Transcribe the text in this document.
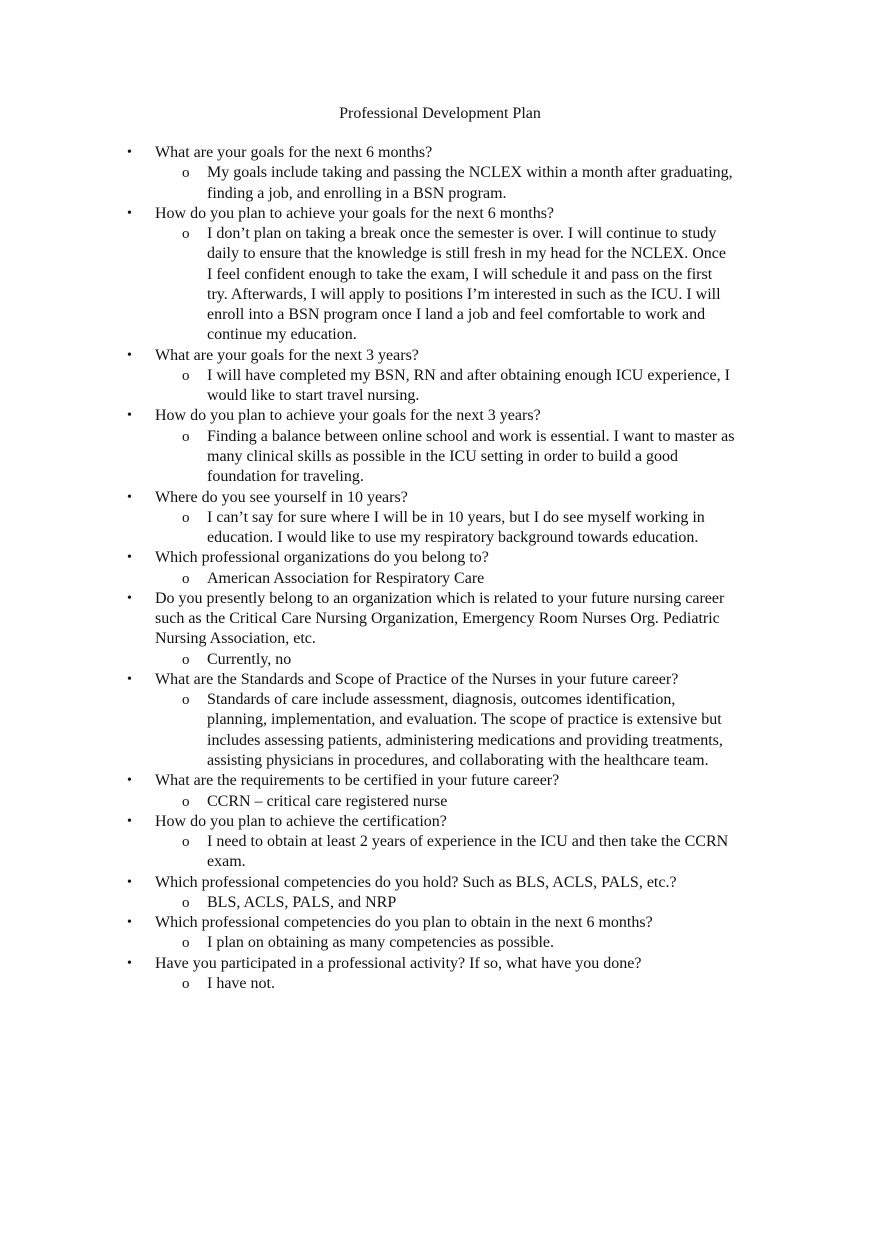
Professional Development Plan
• What are your goals for the next 6 months?
o My goals include taking and passing the NCLEX within a month after graduating,
finding a job, and enrolling in a BSN program.
• How do you plan to achieve your goals for the next 6 months?
o I don’t plan on taking a break once the semester is over. I will continue to study
daily to ensure that the knowledge is still fresh in my head for the NCLEX. Once
I feel confident enough to take the exam, I will schedule it and pass on the first
try. Afterwards, I will apply to positions I’m interested in such as the ICU. I will
enroll into a BSN program once I land a job and feel comfortable to work and
continue my education.
• What are your goals for the next 3 years?
o I will have completed my BSN, RN and after obtaining enough ICU experience, I
would like to start travel nursing.
• How do you plan to achieve your goals for the next 3 years?
o Finding a balance between online school and work is essential. I want to master as
many clinical skills as possible in the ICU setting in order to build a good
foundation for traveling.
• Where do you see yourself in 10 years?
o I can’t say for sure where I will be in 10 years, but I do see myself working in
education. I would like to use my respiratory background towards education.
• Which professional organizations do you belong to?
o American Association for Respiratory Care
• Do you presently belong to an organization which is related to your future nursing career
such as the Critical Care Nursing Organization, Emergency Room Nurses Org. Pediatric
Nursing Association, etc.
o Currently, no
• What are the Standards and Scope of Practice of the Nurses in your future career?
o Standards of care include assessment, diagnosis, outcomes identification,
planning, implementation, and evaluation. The scope of practice is extensive but
includes assessing patients, administering medications and providing treatments,
assisting physicians in procedures, and collaborating with the healthcare team.
• What are the requirements to be certified in your future career?
o CCRN – critical care registered nurse
• How do you plan to achieve the certification?
o I need to obtain at least 2 years of experience in the ICU and then take the CCRN
exam.
• Which professional competencies do you hold? Such as BLS, ACLS, PALS, etc.?
o BLS, ACLS, PALS, and NRP
• Which professional competencies do you plan to obtain in the next 6 months?
o I plan on obtaining as many competencies as possible.
• Have you participated in a professional activity? If so, what have you done?
o I have not.
